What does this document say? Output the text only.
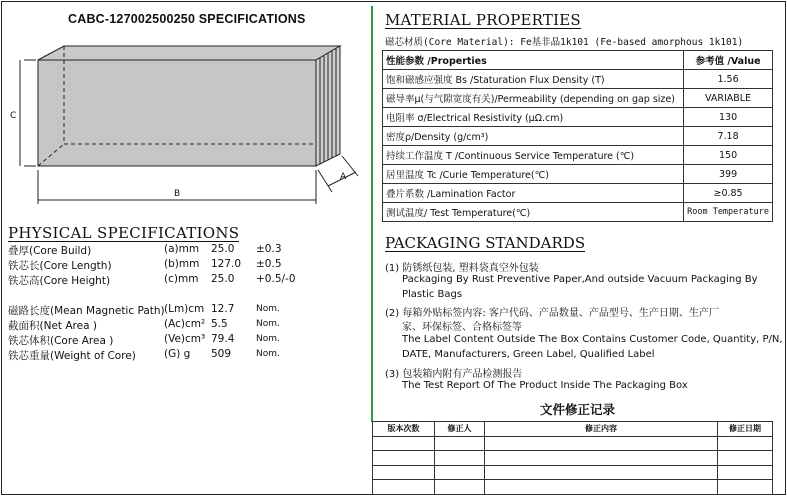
CABC-127002500250 SPECIFICATIONS
C
B
A
PHYSICAL SPECIFICATIONS
叠厚(Core Build)	(a)mm 25.0 ±0.3
铁芯长(Core Length)	(b)mm 127.0 ±0.5
铁芯高(Core Height)	(c)mm 25.0 +0.5/-0
磁路长度(Mean Magnetic Path) (Lm)cm 12.7 Nom.
截面积(Net Area )	(Ac)cm² 5.5	Nom.
铁芯体积(Core Area )	(Ve)cm³ 79.4 Nom.
铁芯重量(Weight of Core)	(G) g 509	Nom.
MATERIAL PROPERTIES
磁芯材质(Core Material): Fe基非晶1k101 (Fe-based amorphous 1k101)
性能参数 /Properties	参考值 /Value
饱和磁感应强度 Bs /Staturation Flux Density (T)	1.56
磁导率μ(与气隙宽度有关)/Permeability (depending on gap size)	VARIABLE
电阻率 σ/Electrical Resistivity (μΩ.cm)	130
密度ρ/Density (g/cm³)	7.18
持续工作温度 T /Continuous Service Temperature (℃)	150
居里温度 Tc /Curie Temperature(℃)	399
叠片系数 /Lamination Factor	≥0.85
测试温度/ Test Temperature(℃)	Room Temperature
PACKAGING STANDARDS
(1) 防锈纸包装, 塑料袋真空外包装
Packaging By Rust Preventive Paper,And outside Vacuum Packaging By
Plastic Bags
(2) 每箱外贴标签内容: 客户代码、产品数量、产品型号、生产日期、生产厂
家、环保标签、合格标签等
The Label Content Outside The Box Contains Customer Code, Quantity, P/N,
DATE, Manufacturers, Green Label, Qualified Label
(3) 包装箱内附有产品检测报告
The Test Report Of The Product Inside The Packaging Box
文件修正记录
版本次数	修正人	修正内容	修正日期
